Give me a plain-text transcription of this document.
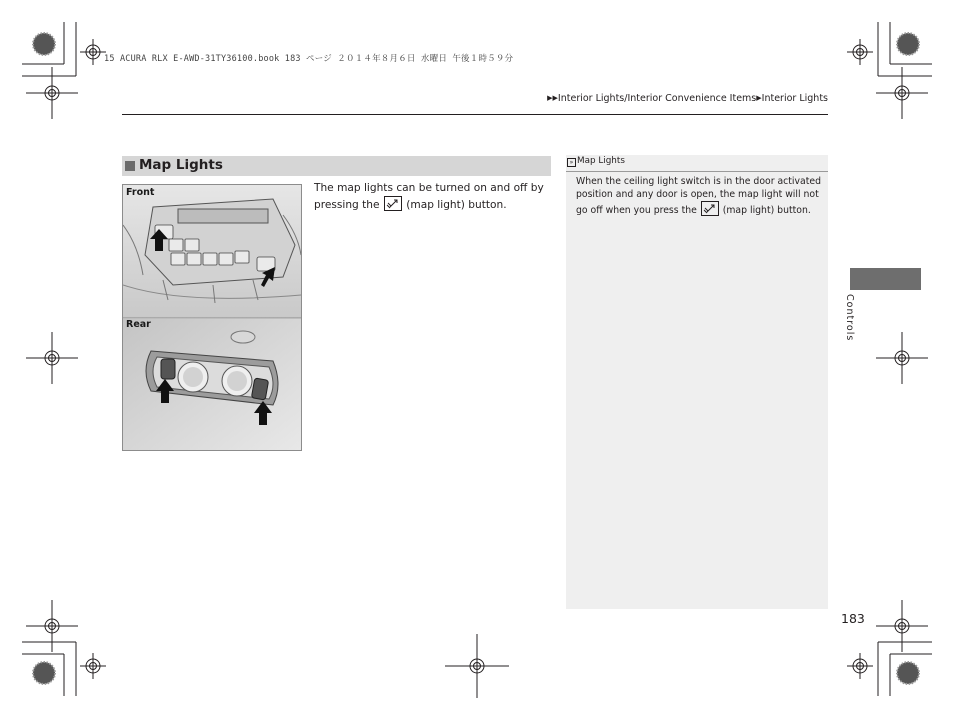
15 ACURA RLX E-AWD-31TY36100.book 183 ページ ２０１４年８月６日 水曜日 午後１時５９分
▶▶Interior Lights/Interior Convenience Items▶Interior Lights
Map Lights
Front
Rear
The map lights can be turned on and off by pressing the
(map light) button.
» Map Lights
When the ceiling light switch is in the door activated position and any door is open, the map light will not go off when you press the
(map light) button.
Controls
183
